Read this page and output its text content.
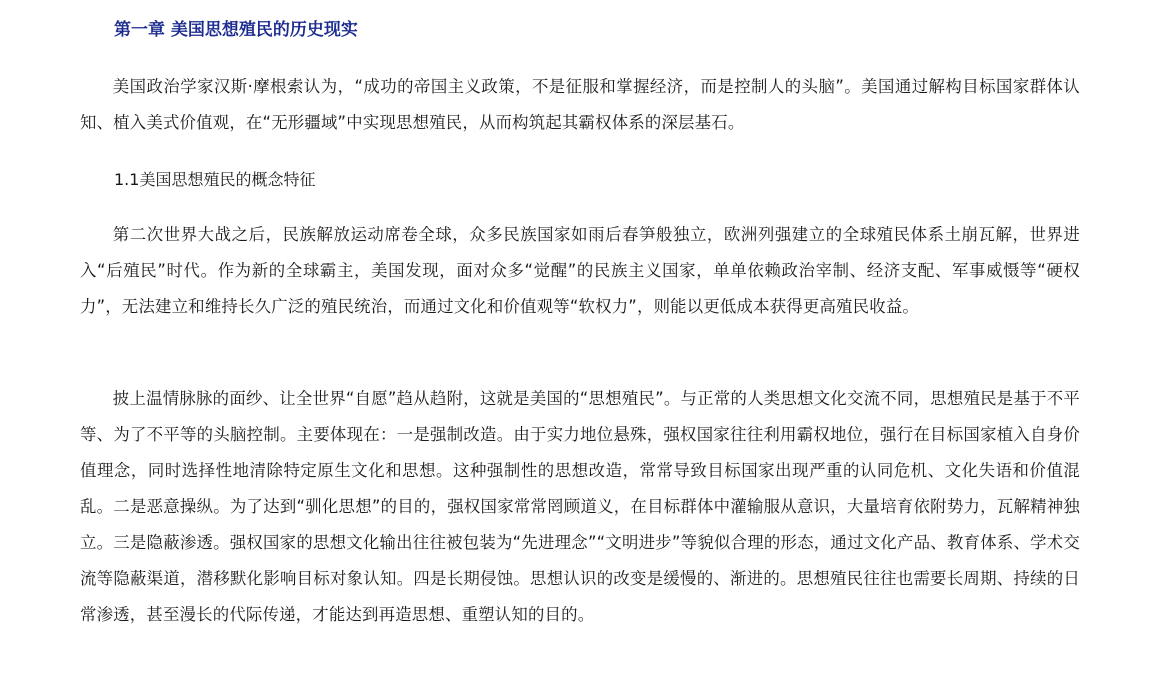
第一章 美国思想殖民的历史现实

美国政治学家汉斯·摩根索认为，“成功的帝国主义政策，不是征服和掌握经济，而是控制人的头脑”。美国通过解构目标国家群体认知、植入美式价值观，在“无形疆域”中实现思想殖民，从而构筑起其霸权体系的深层基石。

1.1美国思想殖民的概念特征

第二次世界大战之后，民族解放运动席卷全球，众多民族国家如雨后春笋般独立，欧洲列强建立的全球殖民体系土崩瓦解，世界进入“后殖民”时代。作为新的全球霸主，美国发现，面对众多“觉醒”的民族主义国家，单单依赖政治宰制、经济支配、军事威慑等“硬权力”，无法建立和维持长久广泛的殖民统治，而通过文化和价值观等“软权力”，则能以更低成本获得更高殖民收益。

披上温情脉脉的面纱、让全世界“自愿”趋从趋附，这就是美国的“思想殖民”。与正常的人类思想文化交流不同，思想殖民是基于不平等、为了不平等的头脑控制。主要体现在：一是强制改造。由于实力地位悬殊，强权国家往往利用霸权地位，强行在目标国家植入自身价值理念，同时选择性地清除特定原生文化和思想。这种强制性的思想改造，常常导致目标国家出现严重的认同危机、文化失语和价值混乱。二是恶意操纵。为了达到“驯化思想”的目的，强权国家常常罔顾道义，在目标群体中灌输服从意识，大量培育依附势力，瓦解精神独立。三是隐蔽渗透。强权国家的思想文化输出往往被包装为“先进理念”“文明进步”等貌似合理的形态，通过文化产品、教育体系、学术交流等隐蔽渠道，潜移默化影响目标对象认知。四是长期侵蚀。思想认识的改变是缓慢的、渐进的。思想殖民往往也需要长周期、持续的日常渗透，甚至漫长的代际传递，才能达到再造思想、重塑认知的目的。
